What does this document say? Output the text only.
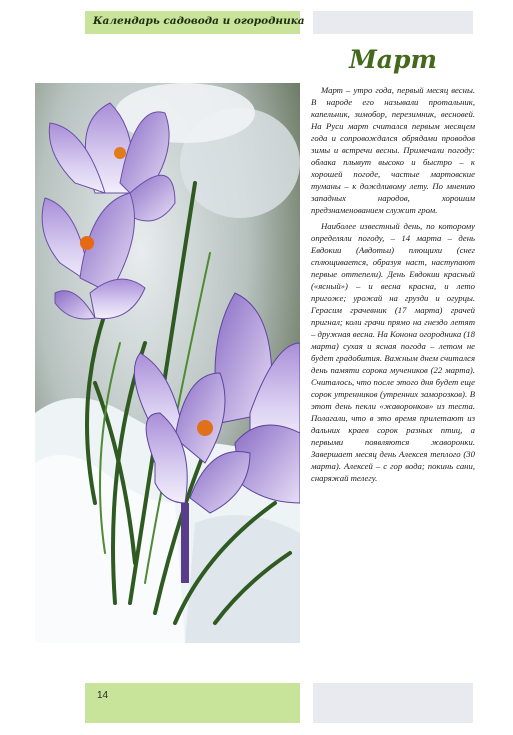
Календарь садовода и огородника
Март

Март – утро года, первый месяц весны. В народе его называли протальник, капельник, зимобор, перезимник, весновей. На Руси март считался первым месяцем года и сопровождался обрядами проводов зимы и встречи весны. Примечали погоду: облака плывут высоко и быстро – к хорошей погоде, частые мартовские туманы – к дождливому лету. По мнению западных народов, хорошим предзнаменованием служит гром.

Наиболее известный день, по которому определяли погоду, – 14 марта – день Евдокии (Авдотьи) плющихи (снег сплющивается, образуя наст, наступают первые оттепели). День Евдокии красный («ясный») – и весна красна, и лето пригоже; урожай на грузди и огурцы. Герасим грачевник (17 марта) грачей пригнал; коли грачи прямо на гнездо летят – дружная весна. На Конона огородника (18 марта) сухая и ясная погода – летом не будет градобития. Важным днем считался день памяти сорока мучеников (22 марта). Считалось, что после этого дня будет еще сорок утренников (утренних заморозков). В этот день пекли «жаворонков» из теста. Полагали, что в это время прилетают из дальних краев сорок разных птиц, а первыми появляются жаворонки. Завершает месяц день Алексея теплого (30 марта). Алексей – с гор вода; покинь сани, снаряжай телегу.

14
